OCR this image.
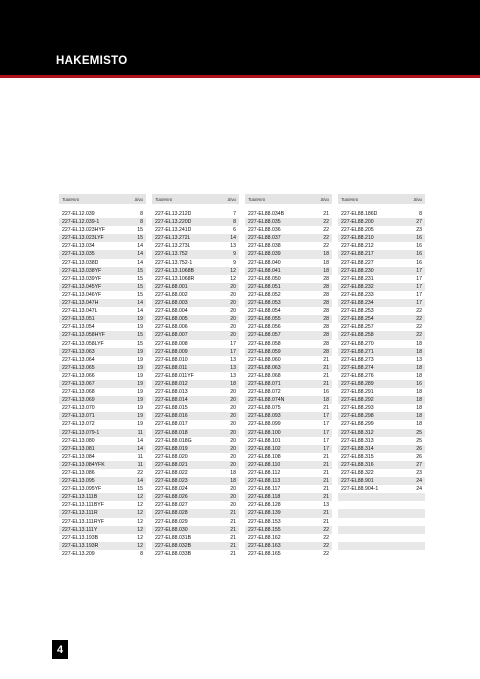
HAKEMISTO
Tuotenro	Sivu
227-EL12.039	8
227-EL12.039-1	8
227-EL13.023HYF	15
227-EL13.023LYF	15
227-EL13.034	14
227-EL13.035	14
227-EL13.038D	14
227-EL13.038YF	15
227-EL13.039YF	15
227-EL13.045YF	15
227-EL13.046YF	15
227-EL13.047H	14
227-EL13.047L	14
227-EL13.051	19
227-EL13.054	19
227-EL13.058HYF	15
227-EL13.058LYF	15
227-EL13.063	19
227-EL13.064	19
227-EL13.065	19
227-EL13.066	19
227-EL13.067	19
227-EL13.068	19
227-EL13.069	19
227-EL13.070	19
227-EL13.071	19
227-EL13.072	19
227-EL13.079-1	11
227-EL13.080	14
227-EL13.081	14
227-EL13.084	11
227-EL13.084YFK	11
227-EL13.086	22
227-EL13.095	14
227-EL13.095YF	15
227-EL13.111B	12
227-EL13.111BYF	12
227-EL13.111R	12
227-EL13.111RYF	12
227-EL13.111Y	12
227-EL13.193B	12
227-EL13.193R	12
227-EL13.209	8
Tuotenro	Sivu
227-EL13.212D	7
227-EL13.220D	8
227-EL13.241D	6
227-EL13.272L	14
227-EL13.273L	13
227-EL13.752	9
227-EL13.752-1	9
227-EL13.1068B	12
227-EL13.1068R	12
227-EL88.001	20
227-EL88.002	20
227-EL88.003	20
227-EL88.004	20
227-EL88.005	20
227-EL88.006	20
227-EL88.007	20
227-EL88.008	17
227-EL88.009	17
227-EL88.010	13
227-EL88.011	13
227-EL88.011YF	13
227-EL88.012	18
227-EL88.013	20
227-EL88.014	20
227-EL88.015	20
227-EL88.016	20
227-EL88.017	20
227-EL88.018	20
227-EL88.018G	20
227-EL88.019	20
227-EL88.020	20
227-EL88.021	20
227-EL88.022	18
227-EL88.023	18
227-EL88.024	20
227-EL88.026	20
227-EL88.027	20
227-EL88.028	21
227-EL88.029	21
227-EL88.030	21
227-EL88.031B	21
227-EL88.032B	21
227-EL88.033B	21
Tuotenro	Sivu
227-EL88.034B	21
227-EL88.035	22
227-EL88.036	22
227-EL88.037	22
227-EL88.038	22
227-EL88.039	18
227-EL88.040	18
227-EL88.041	18
227-EL88.050	28
227-EL88.051	28
227-EL88.052	28
227-EL88.053	28
227-EL88.054	28
227-EL88.055	28
227-EL88.056	28
227-EL88.057	28
227-EL88.058	28
227-EL88.059	28
227-EL88.060	21
227-EL88.063	21
227-EL88.068	21
227-EL88.071	21
227-EL88.072	16
227-EL88.074N	18
227-EL88.075	21
227-EL88.093	17
227-EL88.099	17
227-EL88.100	17
227-EL88.101	17
227-EL88.102	17
227-EL88.108	21
227-EL88.110	21
227-EL88.112	21
227-EL88.113	21
227-EL88.117	21
227-EL88.118	21
227-EL88.128	13
227-EL88.139	21
227-EL88.153	21
227-EL88.155	22
227-EL88.162	22
227-EL88.163	22
227-EL88.165	22
Tuotenro	Sivu
227-EL88.186D	8
227-EL88.200	27
227-EL88.205	23
227-EL88.210	16
227-EL88.212	16
227-EL88.217	16
227-EL88.227	16
227-EL88.230	17
227-EL88.231	17
227-EL88.232	17
227-EL88.233	17
227-EL88.234	17
227-EL88.253	22
227-EL88.254	22
227-EL88.257	22
227-EL88.258	22
227-EL88.270	18
227-EL88.271	18
227-EL88.273	13
227-EL88.274	18
227-EL88.276	18
227-EL88.289	16
227-EL88.291	18
227-EL88.292	18
227-EL88.293	18
227-EL88.298	18
227-EL88.299	18
227-EL88.312	25
227-EL88.313	25
227-EL88.314	26
227-EL88.315	26
227-EL88.316	27
227-EL88.322	23
227-EL88.901	24
227-EL88.904-1	24
4
